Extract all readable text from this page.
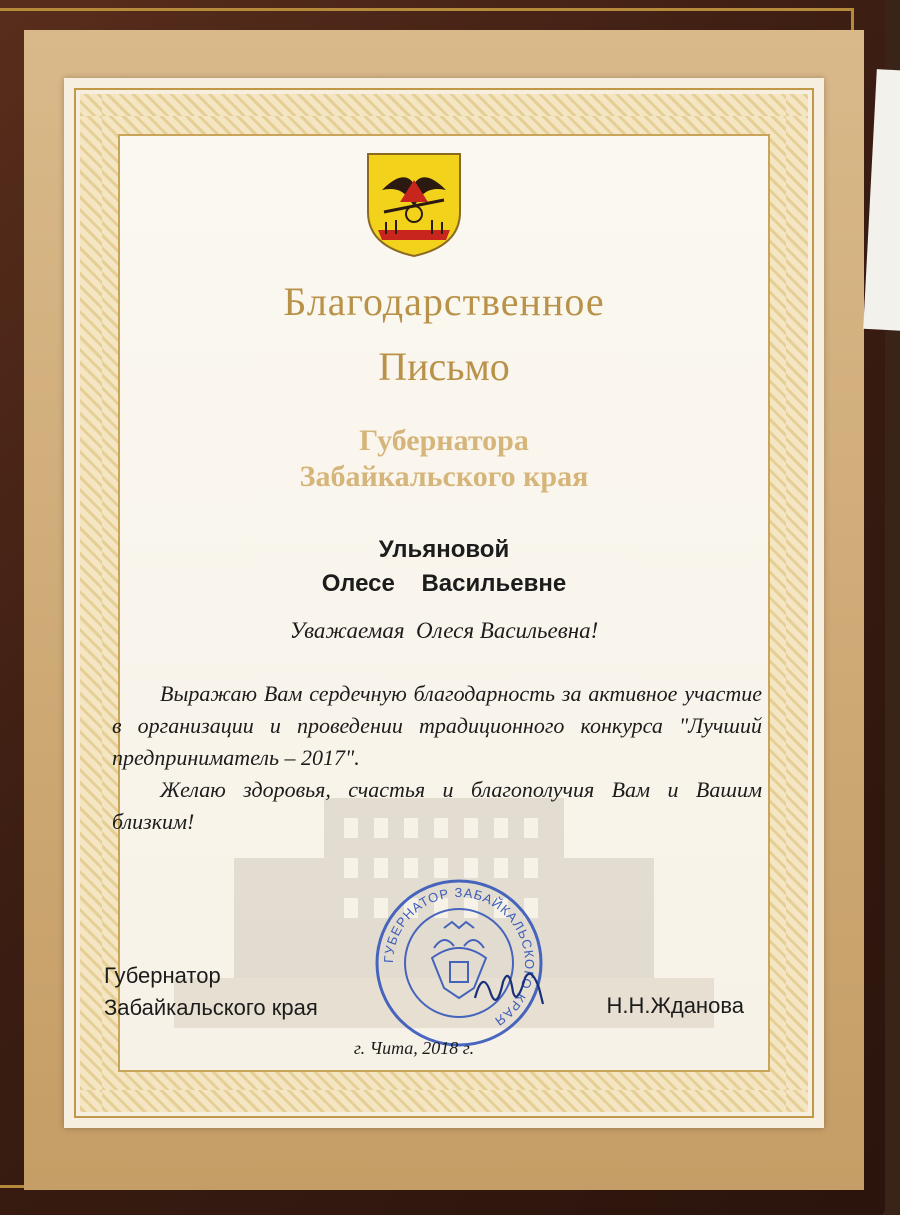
Благодарственное
Письмо
Губернатора
Забайкальского края
Ульяновой
Олесе    Васильевне
Уважаемая  Олеся Васильевна!

Выражаю Вам сердечную благодарность за активное участие в организации и проведении традиционного конкурса "Лучший предприниматель – 2017".

Желаю здоровья, счастья и благополучия Вам и Вашим близким!

Губернатор
Забайкальского края
ГУБЕРНАТОР ЗАБАЙКАЛЬСКОГО КРАЯ
Н.Н.Жданова
г. Чита, 2018 г.
